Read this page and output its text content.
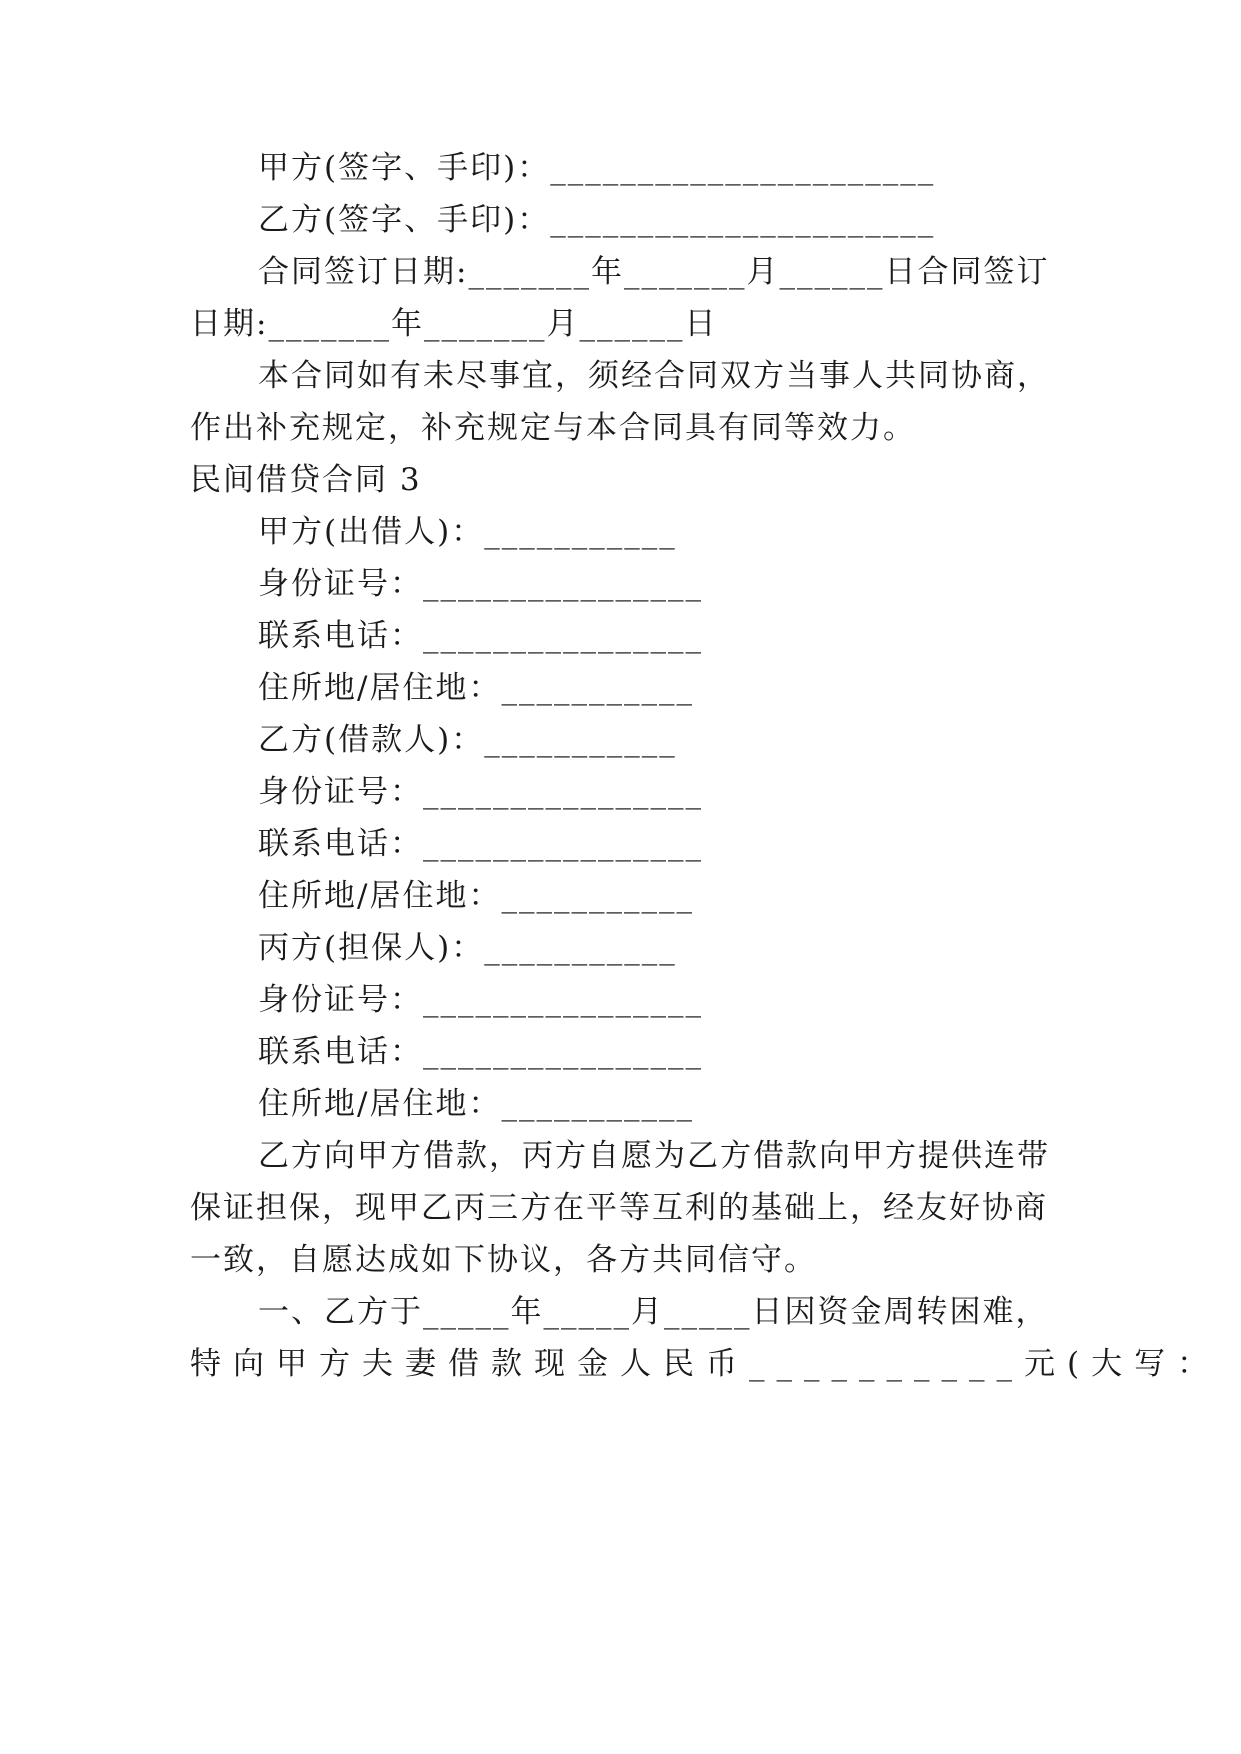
甲方(签字、手印)：______________________
乙方(签字、手印)：______________________
合同签订日期:_______年_______月______日合同签订
日期:_______年_______月______日
本合同如有未尽事宜，须经合同双方当事人共同协商，
作出补充规定，补充规定与本合同具有同等效力。
民间借贷合同 3
甲方(出借人)：___________
身份证号：________________
联系电话：________________
住所地/居住地：___________
乙方(借款人)：___________
身份证号：________________
联系电话：________________
住所地/居住地：___________
丙方(担保人)：___________
身份证号：________________
联系电话：________________
住所地/居住地：___________
乙方向甲方借款，丙方自愿为乙方借款向甲方提供连带
保证担保，现甲乙丙三方在平等互利的基础上，经友好协商
一致，自愿达成如下协议，各方共同信守。
一、乙方于_____年_____月_____日因资金周转困难，
特向甲方夫妻借款现金人民币__________元(大写：
